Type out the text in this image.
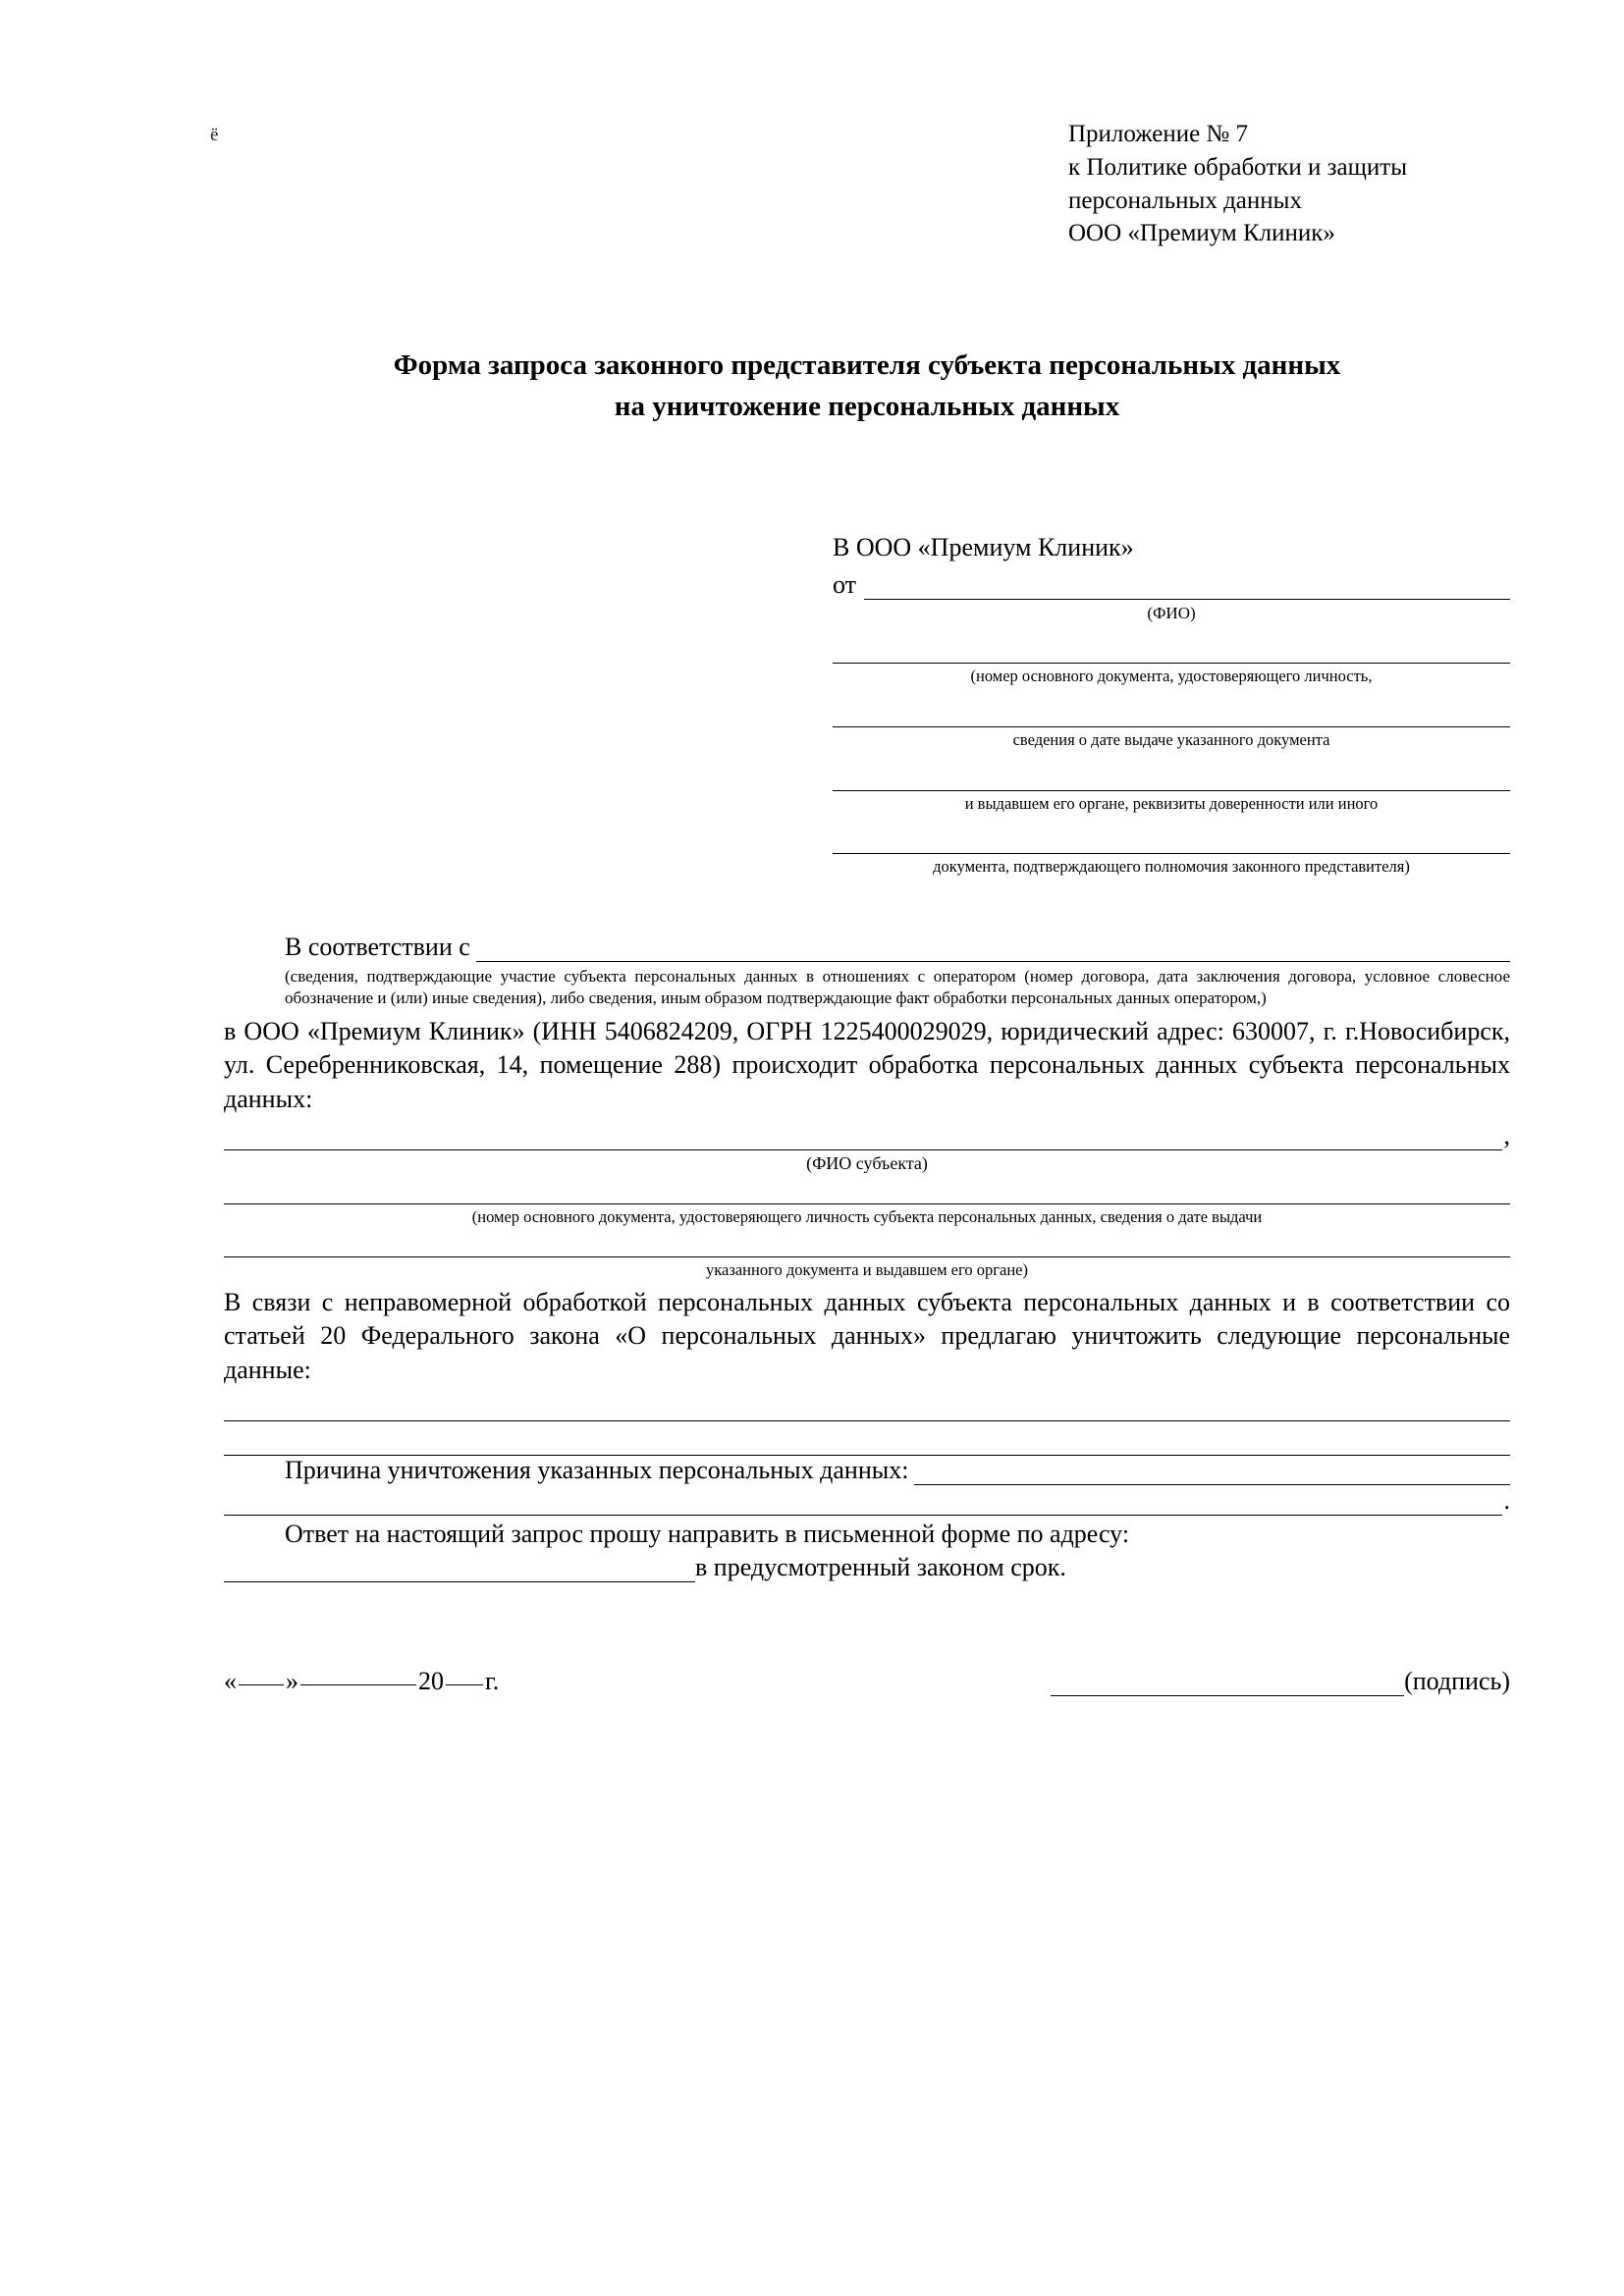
ё	Приложение № 7
к Политике обработки и защиты
персональных данных
ООО «Премиум Клиник»
Форма запроса законного представителя субъекта персональных данных
на уничтожение персональных данных
В ООО «Премиум Клиник»
от
(ФИО)
(номер основного документа, удостоверяющего личность,
сведения о дате выдаче указанного документа
и выдавшем его органе, реквизиты доверенности или иного
документа, подтверждающего полномочия законного представителя)
В соответствии с
(сведения, подтверждающие участие субъекта персональных данных в отношениях с оператором (номер договора, дата заключения договора, условное словесное обозначение и (или) иные сведения), либо сведения, иным образом подтверждающие факт обработки персональных данных оператором,)
в ООО «Премиум Клиник» (ИНН 5406824209, ОГРН 1225400029029, юридический адрес: 630007, г. г.Новосибирск, ул. Серебренниковская, 14, помещение 288) происходит обработка персональных данных субъекта персональных данных:
,
(ФИО субъекта)
(номер основного документа, удостоверяющего личность субъекта персональных данных, сведения о дате выдачи
указанного документа и выдавшем его органе)
В связи с неправомерной обработкой персональных данных субъекта персональных данных и в соответствии со статьей 20 Федерального закона «О персональных данных» предлагаю уничтожить следующие персональные данные:
Причина уничтожения указанных персональных данных:
.
Ответ на настоящий запрос прошу направить в письменной форме по адресу:
в предусмотренный законом срок.
« »	20 г.	(подпись)
